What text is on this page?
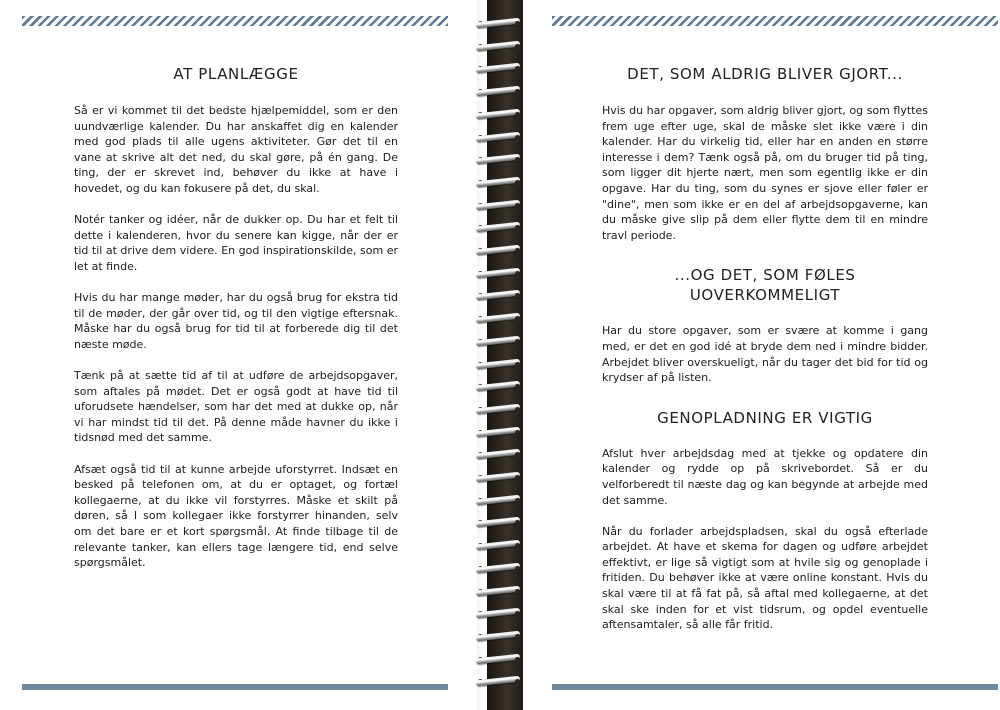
AT PLANLÆGGE

Så er vi kommet til det bedste hjælpemiddel, som er den uundværlige kalender. Du har anskaffet dig en kalender med god plads til alle ugens aktiviteter. Gør det til en vane at skrive alt det ned, du skal gøre, på én gang. De ting, der er skrevet ind, behøver du ikke at have i hovedet, og du kan fokusere på det, du skal.

Notér tanker og idéer, når de dukker op. Du har et felt til dette i kalenderen, hvor du senere kan kigge, når der er tid til at drive dem videre. En god inspirationskilde, som er let at finde.

Hvis du har mange møder, har du også brug for ekstra tid til de møder, der går over tid, og til den vigtige eftersnak. Måske har du også brug for tid til at forberede dig til det næste møde.

Tænk på at sætte tid af til at udføre de arbejdsopgaver, som aftales på mødet. Det er også godt at have tid til uforudsete hændelser, som har det med at dukke op, når vi har mindst tid til det. På denne måde havner du ikke i tidsnød med det samme.

Afsæt også tid til at kunne arbejde uforstyrret. Indsæt en besked på telefonen om, at du er optaget, og fortæl kollegaerne, at du ikke vil forstyrres. Måske et skilt på døren, så I som kollegaer ikke forstyrrer hinanden, selv om det bare er et kort spørgsmål. At finde tilbage til de relevante tanker, kan ellers tage længere tid, end selve spørgsmålet.

DET, SOM ALDRIG BLIVER GJORT...

Hvis du har opgaver, som aldrig bliver gjort, og som flyttes frem uge efter uge, skal de måske slet ikke være i din kalender. Har du virkelig tid, eller har en anden en større interesse i dem? Tænk også på, om du bruger tid på ting, som ligger dit hjerte nært, men som egentlig ikke er din opgave. Har du ting, som du synes er sjove eller føler er "dine", men som ikke er en del af arbejdsopgaverne, kan du måske give slip på dem eller flytte dem til en mindre travl periode.

...OG DET, SOM FØLES UOVERKOMMELIGT

Har du store opgaver, som er svære at komme i gang med, er det en god idé at bryde dem ned i mindre bidder. Arbejdet bliver overskueligt, når du tager det bid for tid og krydser af på listen.

GENOPLADNING ER VIGTIG

Afslut hver arbejdsdag med at tjekke og opdatere din kalender og rydde op på skrivebordet. Så er du velforberedt til næste dag og kan begynde at arbejde med det samme.

Når du forlader arbejdspladsen, skal du også efterlade arbejdet. At have et skema for dagen og udføre arbejdet effektivt, er lige så vigtigt som at hvile sig og genoplade i fritiden. Du behøver ikke at være online konstant. Hvis du skal være til at få fat på, så aftal med kollegaerne, at det skal ske inden for et vist tidsrum, og opdel eventuelle aftensamtaler, så alle får fritid.
